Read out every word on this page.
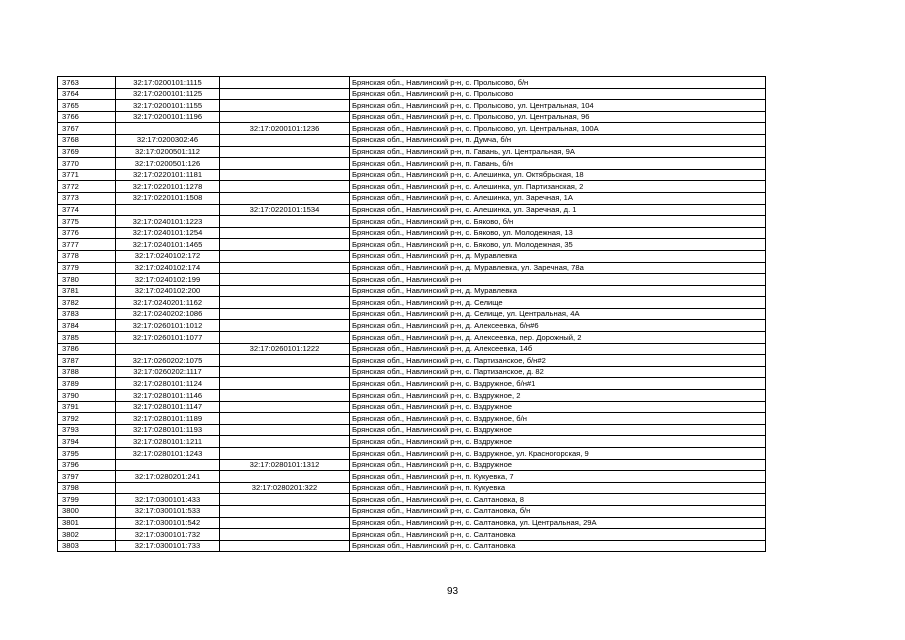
3763	32:17:0200101:1115		Брянская обл., Навлинский р-н, с. Пролысово, б/н
3764	32:17:0200101:1125		Брянская обл., Навлинский р-н, с. Пролысово
3765	32:17:0200101:1155		Брянская обл., Навлинский р-н, с. Пролысово, ул. Центральная, 104
3766	32:17:0200101:1196		Брянская обл., Навлинский р-н, с. Пролысово, ул. Центральная, 96
3767		32:17:0200101:1236	Брянская обл., Навлинский р-н, с. Пролысово, ул. Центральная, 100А
3768	32:17:0200302:46		Брянская обл., Навлинский р-н, п. Думча, б/н
3769	32:17:0200501:112		Брянская обл., Навлинский р-н, п. Гавань, ул. Центральная, 9А
3770	32:17:0200501:126		Брянская обл., Навлинский р-н, п. Гавань, б/н
3771	32:17:0220101:1181		Брянская обл., Навлинский р-н, с. Алешинка, ул. Октябрьская, 18
3772	32:17:0220101:1278		Брянская обл., Навлинский р-н, с. Алешинка, ул. Партизанская, 2
3773	32:17:0220101:1508		Брянская обл., Навлинский р-н, с. Алешинка, ул. Заречная, 1А
3774		32:17:0220101:1534	Брянская обл., Навлинский р-н, с. Алешинка, ул. Заречная, д. 1
3775	32:17:0240101:1223		Брянская обл., Навлинский р-н, с. Бяково, б/н
3776	32:17:0240101:1254		Брянская обл., Навлинский р-н, с. Бяково, ул. Молодежная, 13
3777	32:17:0240101:1465		Брянская обл., Навлинский р-н, с. Бяково, ул. Молодежная, 35
3778	32:17:0240102:172		Брянская обл., Навлинский р-н, д. Муравлевка
3779	32:17:0240102:174		Брянская обл., Навлинский р-н, д. Муравлевка, ул. Заречная, 78а
3780	32:17:0240102:199		Брянская обл., Навлинский р-н
3781	32:17:0240102:200		Брянская обл., Навлинский р-н, д. Муравлевка
3782	32:17:0240201:1162		Брянская обл., Навлинский р-н, д. Селище
3783	32:17:0240202:1086		Брянская обл., Навлинский р-н, д. Селище, ул. Центральная, 4А
3784	32:17:0260101:1012		Брянская обл., Навлинский р-н, д. Алексеевка, б/н#6
3785	32:17:0260101:1077		Брянская обл., Навлинский р-н, д. Алексеевка, пер. Дорожный, 2
3786		32:17:0260101:1222	Брянская обл., Навлинский р-н, д. Алексеевка, 14б
3787	32:17:0260202:1075		Брянская обл., Навлинский р-н, с. Партизанское, б/н#2
3788	32:17:0260202:1117		Брянская обл., Навлинский р-н, с. Партизанское, д. 82
3789	32:17:0280101:1124		Брянская обл., Навлинский р-н, с. Вздружное, б/н#1
3790	32:17:0280101:1146		Брянская обл., Навлинский р-н, с. Вздружное, 2
3791	32:17:0280101:1147		Брянская обл., Навлинский р-н, с. Вздружное
3792	32:17:0280101:1189		Брянская обл., Навлинский р-н, с. Вздружное, б/н
3793	32:17:0280101:1193		Брянская обл., Навлинский р-н, с. Вздружное
3794	32:17:0280101:1211		Брянская обл., Навлинский р-н, с. Вздружное
3795	32:17:0280101:1243		Брянская обл., Навлинский р-н, с. Вздружное, ул. Красногорская, 9
3796		32:17:0280101:1312	Брянская обл., Навлинский р-н, с. Вздружное
3797	32:17:0280201:241		Брянская обл., Навлинский р-н, п. Кукуевка, 7
3798		32:17:0280201:322	Брянская обл., Навлинский р-н, п. Кукуевка
3799	32:17:0300101:433		Брянская обл., Навлинский р-н, с. Салтановка, 8
3800	32:17:0300101:533		Брянская обл., Навлинский р-н, с. Салтановка, б/н
3801	32:17:0300101:542		Брянская обл., Навлинский р-н, с. Салтановка, ул. Центральная, 29А
3802	32:17:0300101:732		Брянская обл., Навлинский р-н, с. Салтановка
3803	32:17:0300101:733		Брянская обл., Навлинский р-н, с. Салтановка
93
